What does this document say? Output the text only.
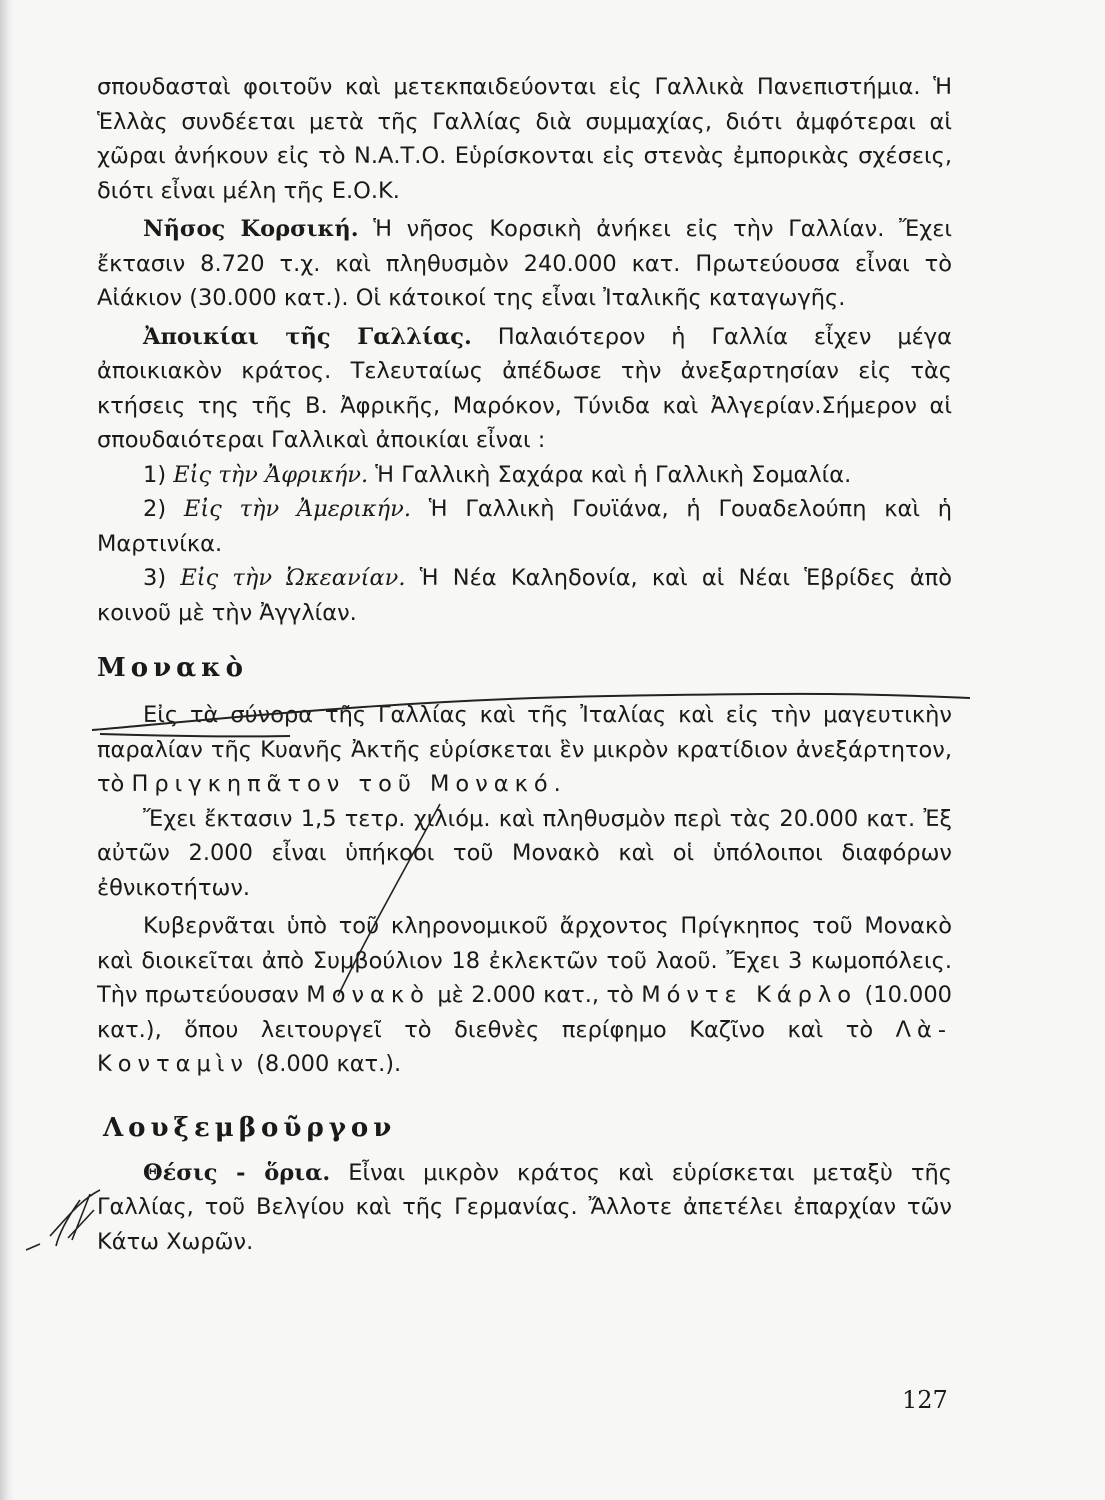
σπουδασταὶ φοιτοῦν καὶ μετεκπαιδεύονται εἰς Γαλλικὰ Πανεπιστήμια. Ἡ Ἑλλὰς συνδέεται μετὰ τῆς Γαλλίας διὰ συμμαχίας, διότι ἀμφότεραι αἱ χῶραι ἀνήκουν εἰς τὸ Ν.Α.Τ.Ο. Εὑρίσκονται εἰς στενὰς ἐμπορικὰς σχέσεις, διότι εἶναι μέλη τῆς Ε.Ο.Κ.

Νῆσος Κορσική. Ἡ νῆσος Κορσικὴ ἀνήκει εἰς τὴν Γαλλίαν. Ἔχει ἔκτασιν 8.720 τ.χ. καὶ πληθυσμὸν 240.000 κατ. Πρωτεύουσα εἶναι τὸ Αἰάκιον (30.000 κατ.). Οἱ κάτοικοί της εἶναι Ἰταλικῆς καταγωγῆς.

Ἀποικίαι τῆς Γαλλίας. Παλαιότερον ἡ Γαλλία εἶχεν μέγα ἀποικιακὸν κράτος. Τελευταίως ἀπέδωσε τὴν ἀνεξαρτησίαν εἰς τὰς κτήσεις της τῆς Β. Ἀφρικῆς, Μαρόκον, Τύνιδα καὶ Ἀλγερίαν.Σήμερον αἱ σπουδαιότεραι Γαλλικαὶ ἀποικίαι εἶναι :

1) Εἰς τὴν Ἀφρικήν. Ἡ Γαλλικὴ Σαχάρα καὶ ἡ Γαλλικὴ Σομαλία.

2) Εἰς τὴν Ἀμερικήν. Ἡ Γαλλικὴ Γουϊάνα, ἡ Γουαδελούπη καὶ ἡ Μαρτινίκα.

3) Εἰς τὴν Ὠκεανίαν. Ἡ Νέα Καληδονία, καὶ αἱ Νέαι Ἑβρίδες ἀπὸ κοινοῦ μὲ τὴν Ἀγγλίαν.

Μονακὸ

Εἰς τὰ σύνορα τῆς Γαλλίας καὶ τῆς Ἰταλίας καὶ εἰς τὴν μαγευτικὴν παραλίαν τῆς Κυανῆς Ἀκτῆς εὑρίσκεται ἓν μικρὸν κρατίδιον ἀνεξάρτητον, τὸ Πριγκηπᾶτον τοῦ Μονακό.

Ἔχει ἔκτασιν 1,5 τετρ. χιλιόμ. καὶ πληθυσμὸν περὶ τὰς 20.000 κατ. Ἐξ αὐτῶν 2.000 εἶναι ὑπήκοοι τοῦ Μονακὸ καὶ οἱ ὑπόλοιποι διαφόρων ἐθνικοτήτων.

Κυβερνᾶται ὑπὸ τοῦ κληρονομικοῦ ἄρχοντος Πρίγκηπος τοῦ Μονακὸ καὶ διοικεῖται ἀπὸ Συμβούλιον 18 ἐκλεκτῶν τοῦ λαοῦ. Ἔχει 3 κωμοπόλεις. Τὴν πρωτεύουσαν Μονακὸ μὲ 2.000 κατ., τὸ Μόντε Κάρλο (10.000 κατ.), ὅπου λειτουργεῖ τὸ διεθνὲς περίφημο Καζῖνο καὶ τὸ Λὰ-Κονταμὶν (8.000 κατ.).

Λουξεμβοῦργον

Θέσις - ὅρια. Εἶναι μικρὸν κράτος καὶ εὑρίσκεται μεταξὺ τῆς Γαλλίας, τοῦ Βελγίου καὶ τῆς Γερμανίας. Ἄλλοτε ἀπετέλει ἐπαρχίαν τῶν Κάτω Χωρῶν.

127
